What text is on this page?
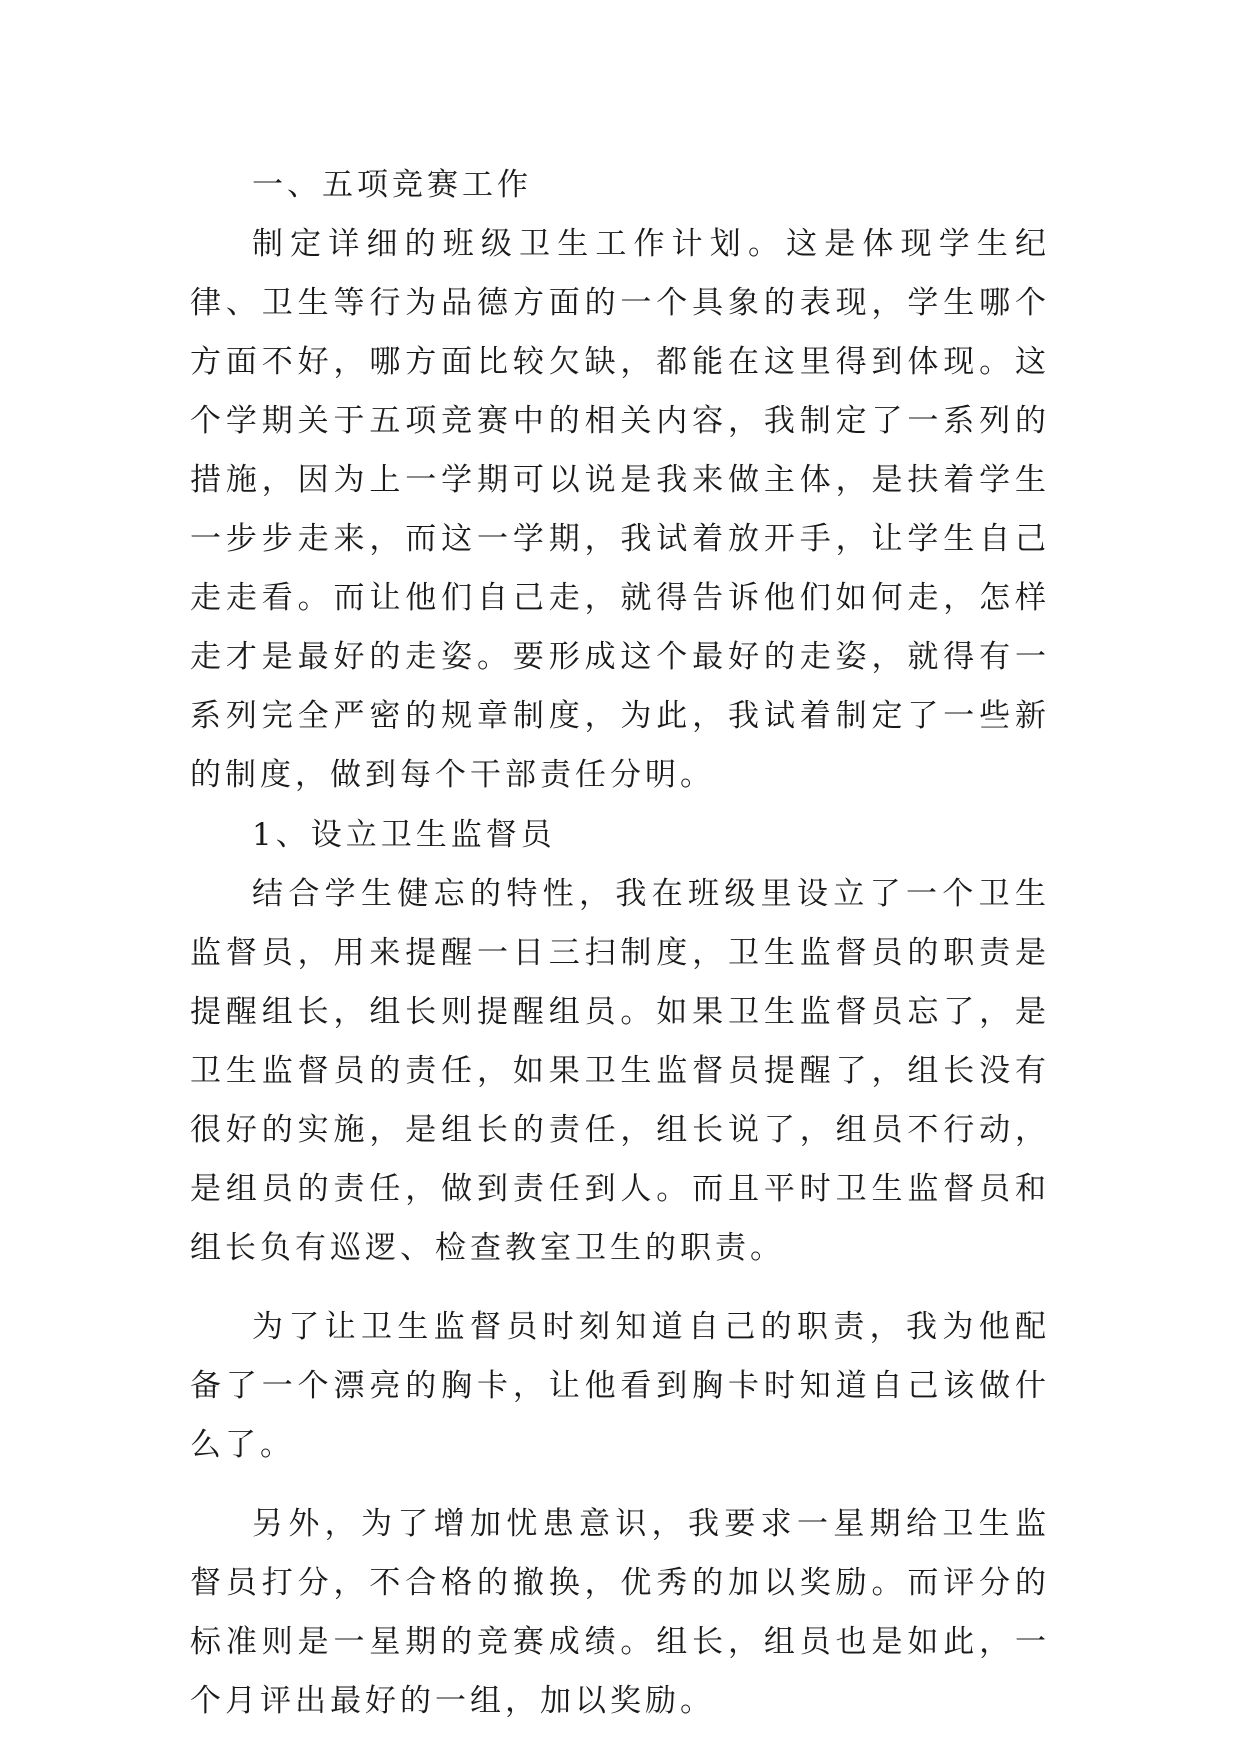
一、五项竞赛工作

制定详细的班级卫生工作计划。这是体现学生纪律、卫生等行为品德方面的一个具象的表现，学生哪个方面不好，哪方面比较欠缺，都能在这里得到体现。这个学期关于五项竞赛中的相关内容，我制定了一系列的措施，因为上一学期可以说是我来做主体，是扶着学生一步步走来，而这一学期，我试着放开手，让学生自己走走看。而让他们自己走，就得告诉他们如何走，怎样走才是最好的走姿。要形成这个最好的走姿，就得有一系列完全严密的规章制度，为此，我试着制定了一些新的制度，做到每个干部责任分明。

1、设立卫生监督员

结合学生健忘的特性，我在班级里设立了一个卫生监督员，用来提醒一日三扫制度，卫生监督员的职责是提醒组长，组长则提醒组员。如果卫生监督员忘了，是卫生监督员的责任，如果卫生监督员提醒了，组长没有很好的实施，是组长的责任，组长说了，组员不行动，是组员的责任，做到责任到人。而且平时卫生监督员和组长负有巡逻、检查教室卫生的职责。

为了让卫生监督员时刻知道自己的职责，我为他配备了一个漂亮的胸卡，让他看到胸卡时知道自己该做什么了。

另外，为了增加忧患意识，我要求一星期给卫生监督员打分，不合格的撤换，优秀的加以奖励。而评分的标准则是一星期的竞赛成绩。组长，组员也是如此，一个月评出最好的一组，加以奖励。
